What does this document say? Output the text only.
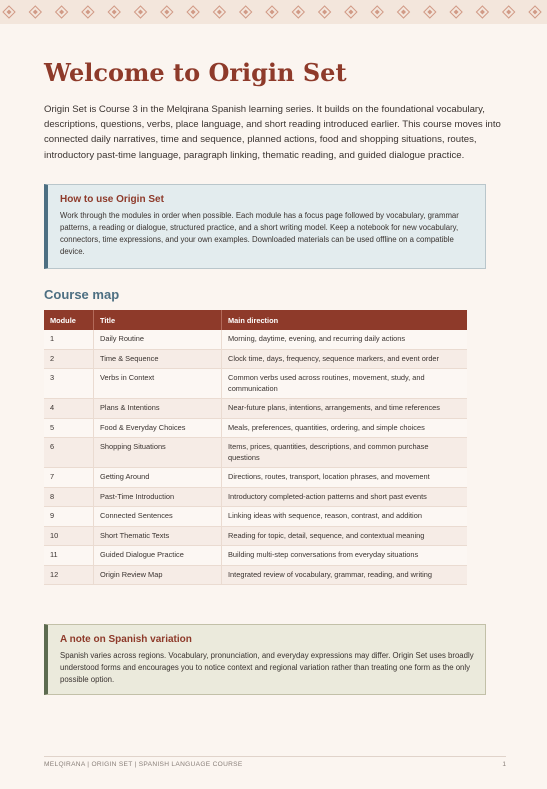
Welcome to Origin Set

Origin Set is Course 3 in the Melqirana Spanish learning series. It builds on the foundational vocabulary, descriptions, questions, verbs, place language, and short reading introduced earlier. This course moves into connected daily narratives, time and sequence, planned actions, food and shopping situations, routes, introductory past-time language, paragraph linking, thematic reading, and guided dialogue practice.

How to use Origin Set

Work through the modules in order when possible. Each module has a focus page followed by vocabulary, grammar patterns, a reading or dialogue, structured practice, and a short writing model. Keep a notebook for new vocabulary, connectors, time expressions, and your own examples. Downloaded materials can be used offline on a compatible device.

Course map
Module	Title	Main direction
1	Daily Routine	Morning, daytime, evening, and recurring daily actions
2	Time & Sequence	Clock time, days, frequency, sequence markers, and event order
3	Verbs in Context	Common verbs used across routines, movement, study, and communication
4	Plans & Intentions	Near-future plans, intentions, arrangements, and time references
5	Food & Everyday Choices	Meals, preferences, quantities, ordering, and simple choices
6	Shopping Situations	Items, prices, quantities, descriptions, and common purchase questions
7	Getting Around	Directions, routes, transport, location phrases, and movement
8	Past-Time Introduction	Introductory completed-action patterns and short past events
9	Connected Sentences	Linking ideas with sequence, reason, contrast, and addition
10	Short Thematic Texts	Reading for topic, detail, sequence, and contextual meaning
11	Guided Dialogue Practice	Building multi-step conversations from everyday situations
12	Origin Review Map	Integrated review of vocabulary, grammar, reading, and writing
A note on Spanish variation

Spanish varies across regions. Vocabulary, pronunciation, and everyday expressions may differ. Origin Set uses broadly understood forms and encourages you to notice context and regional variation rather than treating one form as the only possible option.

MELQIRANA | ORIGIN SET | SPANISH LANGUAGE COURSE	1
